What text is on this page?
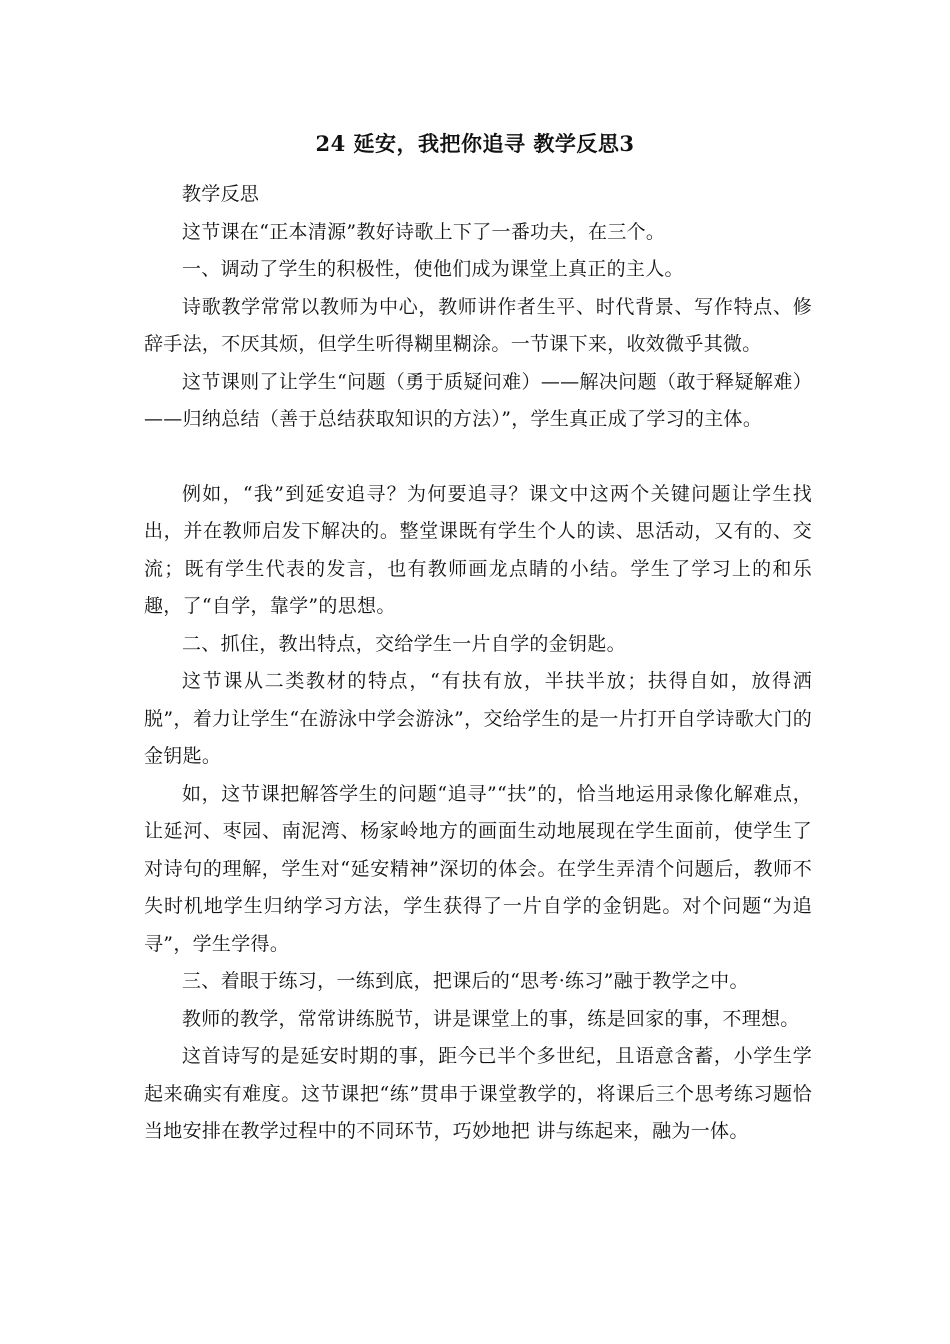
24 延安，我把你追寻 教学反思3

教学反思

这节课在“正本清源”教好诗歌上下了一番功夫，在三个。

一、调动了学生的积极性，使他们成为课堂上真正的主人。

诗歌教学常常以教师为中心，教师讲作者生平、时代背景、写作特点、修辞手法，不厌其烦，但学生听得糊里糊涂。一节课下来，收效微乎其微。

这节课则了让学生“问题（勇于质疑问难）——解决问题（敢于释疑解难）——归纳总结（善于总结获取知识的方法）”，学生真正成了学习的主体。

例如，“我”到延安追寻？为何要追寻？课文中这两个关键问题让学生找出，并在教师启发下解决的。整堂课既有学生个人的读、思活动，又有的、交流；既有学生代表的发言，也有教师画龙点睛的小结。学生了学习上的和乐趣，了“自学，靠学”的思想。

二、抓住，教出特点，交给学生一片自学的金钥匙。

这节课从二类教材的特点，“有扶有放，半扶半放；扶得自如，放得洒脱”，着力让学生“在游泳中学会游泳”，交给学生的是一片打开自学诗歌大门的金钥匙。

如，这节课把解答学生的问题“追寻”“扶”的，恰当地运用录像化解难点，让延河、枣园、南泥湾、杨家岭地方的画面生动地展现在学生面前，使学生了对诗句的理解，学生对“延安精神”深切的体会。在学生弄清个问题后，教师不失时机地学生归纳学习方法，学生获得了一片自学的金钥匙。对个问题“为追寻”，学生学得。

三、着眼于练习，一练到底，把课后的“思考·练习”融于教学之中。

教师的教学，常常讲练脱节，讲是课堂上的事，练是回家的事，不理想。

这首诗写的是延安时期的事，距今已半个多世纪，且语意含蓄，小学生学起来确实有难度。这节课把“练”贯串于课堂教学的，将课后三个思考练习题恰当地安排在教学过程中的不同环节，巧妙地把 讲与练起来，融为一体。
